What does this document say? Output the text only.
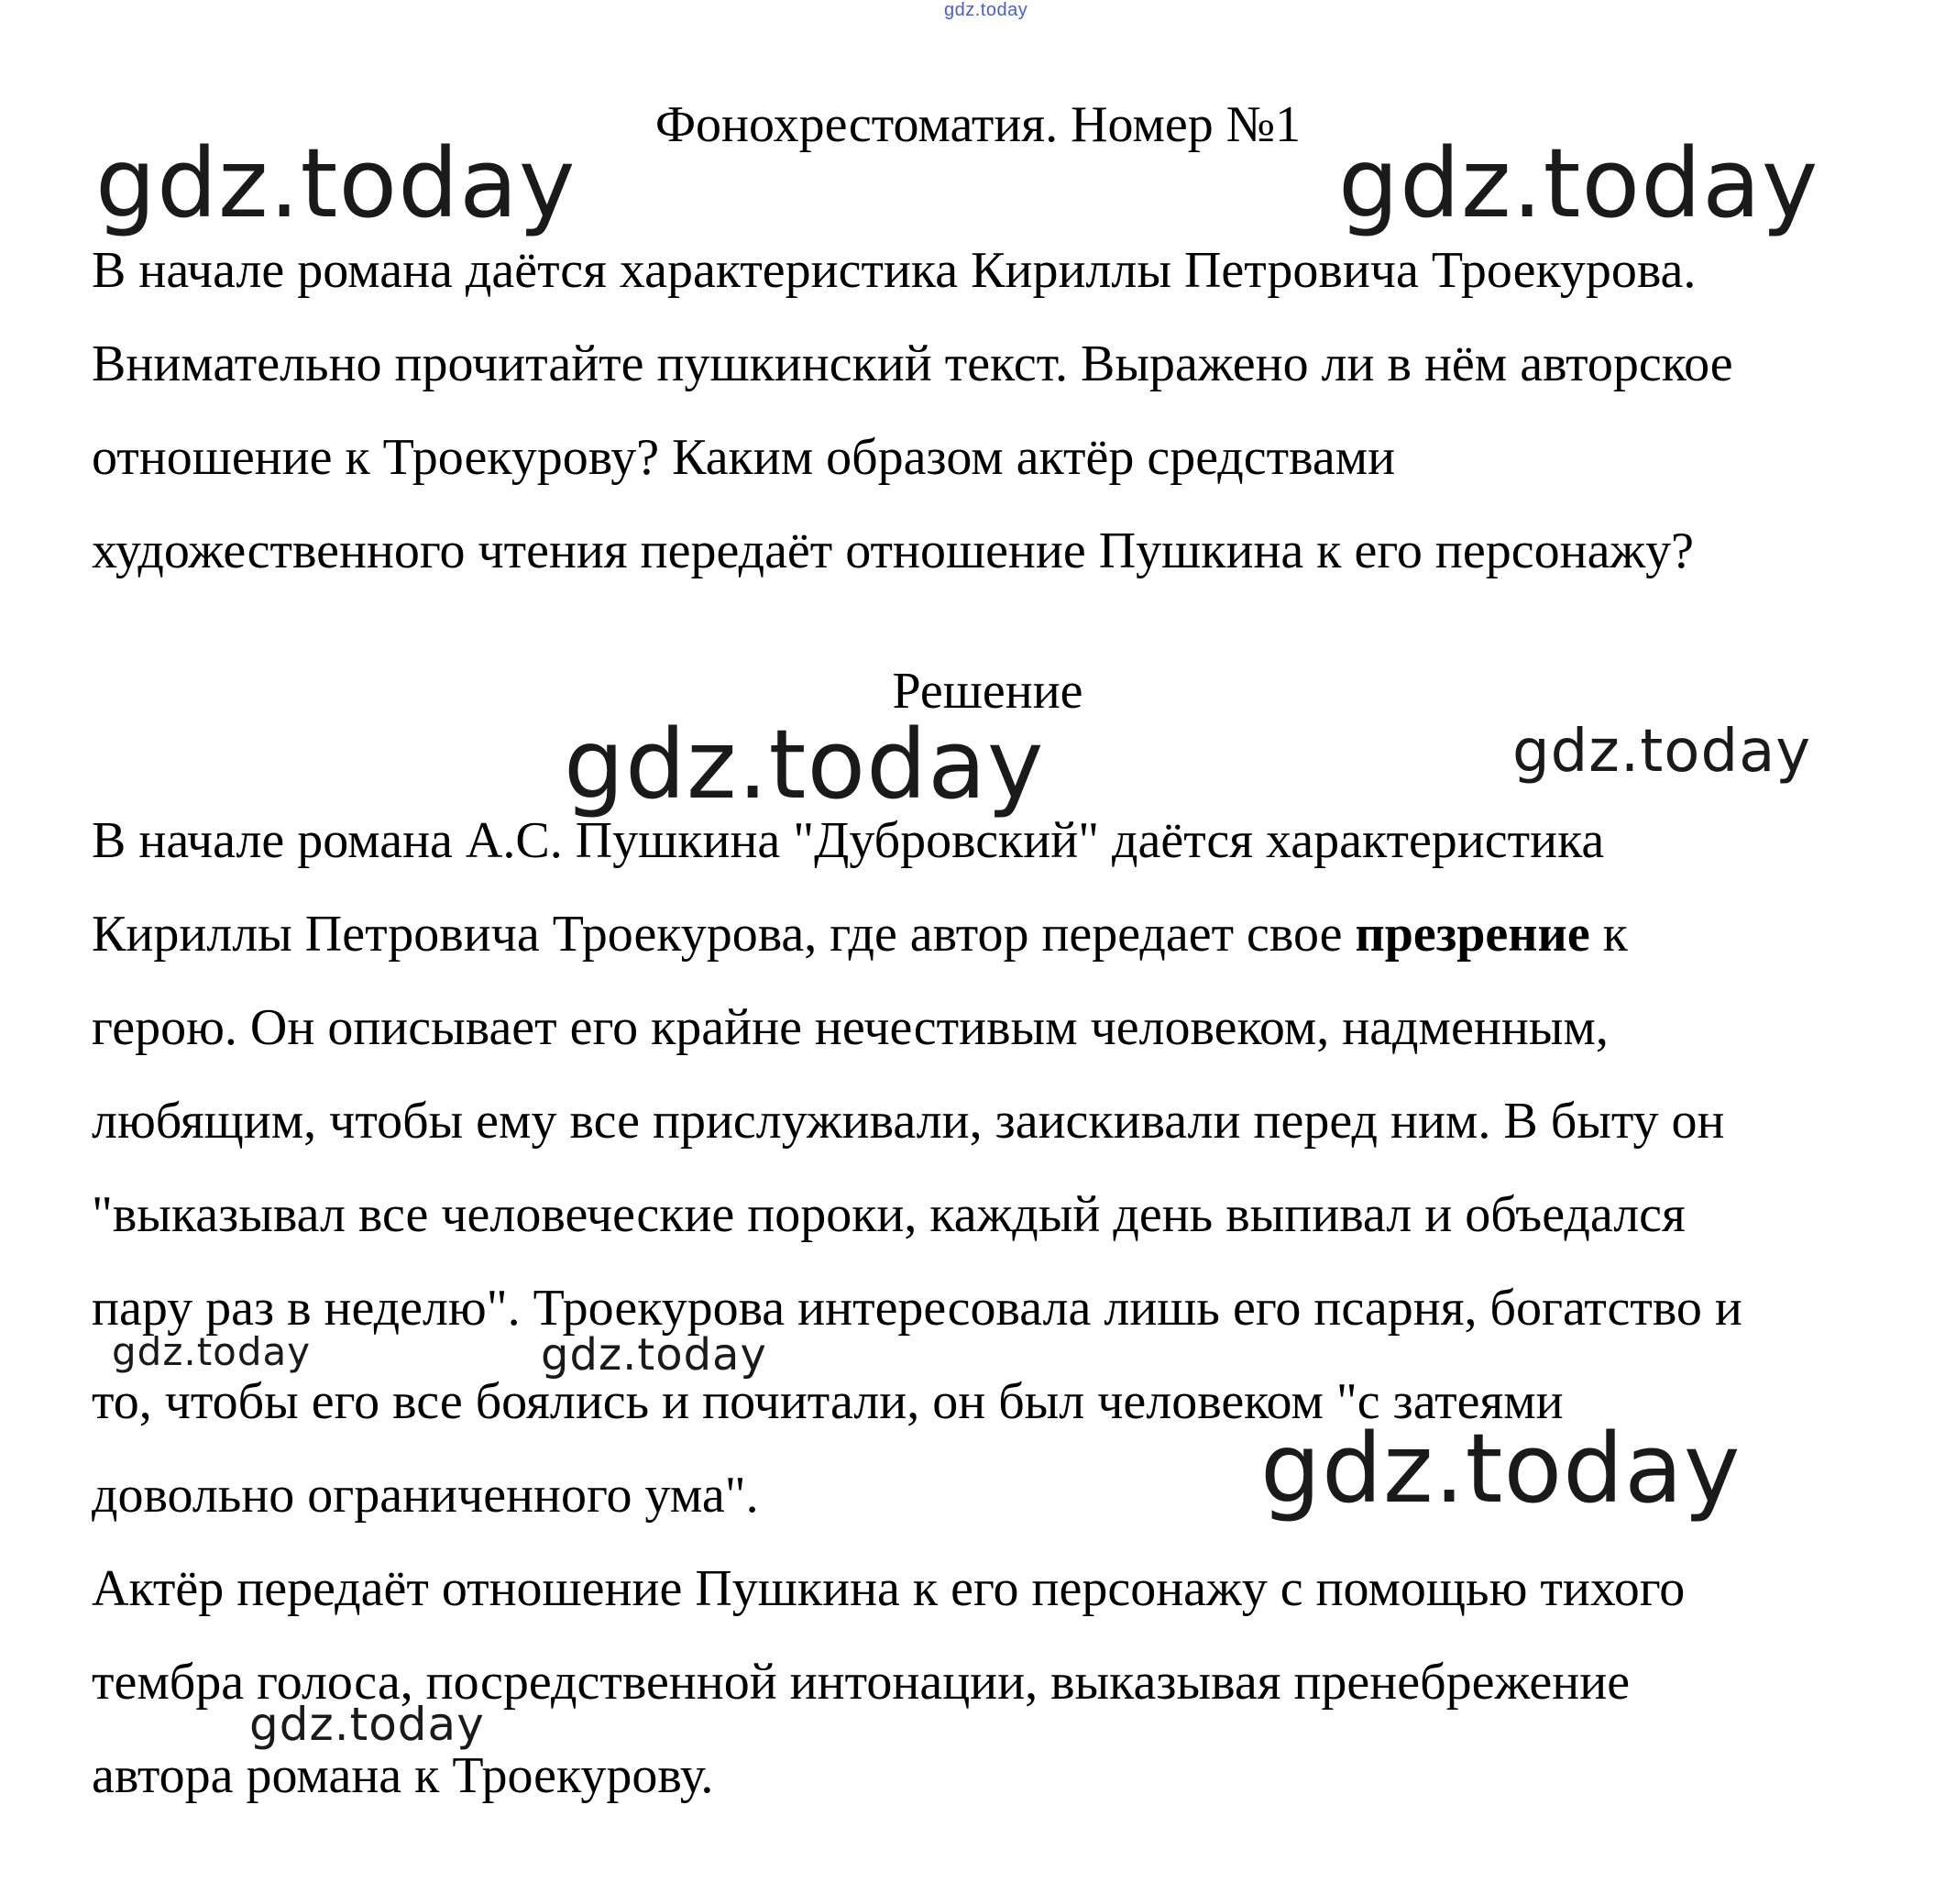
gdz.today
Фонохрестоматия. Номер №1
В начале романа даётся характеристика Кириллы Петровича Троекурова.
Внимательно прочитайте пушкинский текст. Выражено ли в нём авторское
отношение к Троекурову? Каким образом актёр средствами
художественного чтения передаёт отношение Пушкина к его персонажу?
Решение
В начале романа А.С. Пушкина "Дубровский" даётся характеристика
Кириллы Петровича Троекурова, где автор передает свое презрение к
герою. Он описывает его крайне нечестивым человеком, надменным,
любящим, чтобы ему все прислуживали, заискивали перед ним. В быту он
"выказывал все человеческие пороки, каждый день выпивал и объедался
пару раз в неделю". Троекурова интересовала лишь его псарня, богатство и
то, чтобы его все боялись и почитали, он был человеком "с затеями
довольно ограниченного ума".
Актёр передаёт отношение Пушкина к его персонажу с помощью тихого
тембра голоса, посредственной интонации, выказывая пренебрежение
автора романа к Троекурову.
gdz.today	gdz.today
gdz.today	gdz.today
gdz.today	gdz.today
gdz.today
gdz.today
